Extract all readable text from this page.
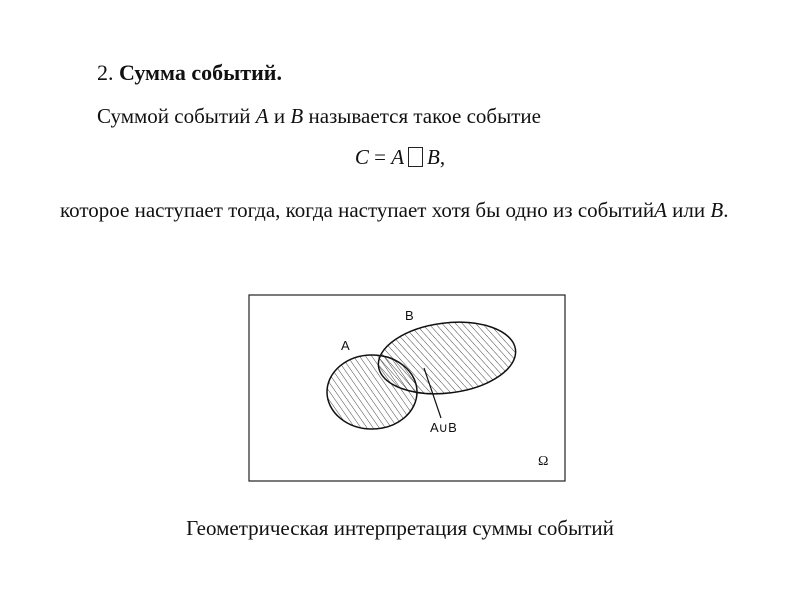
2. Сумма событий.
Суммой событий A и B называется такое событие
C = A B,
которое наступает тогда, когда наступает хотя бы одно из событийA или B.
A
B
A∪B
Ω
Геометрическая интерпретация суммы событий
